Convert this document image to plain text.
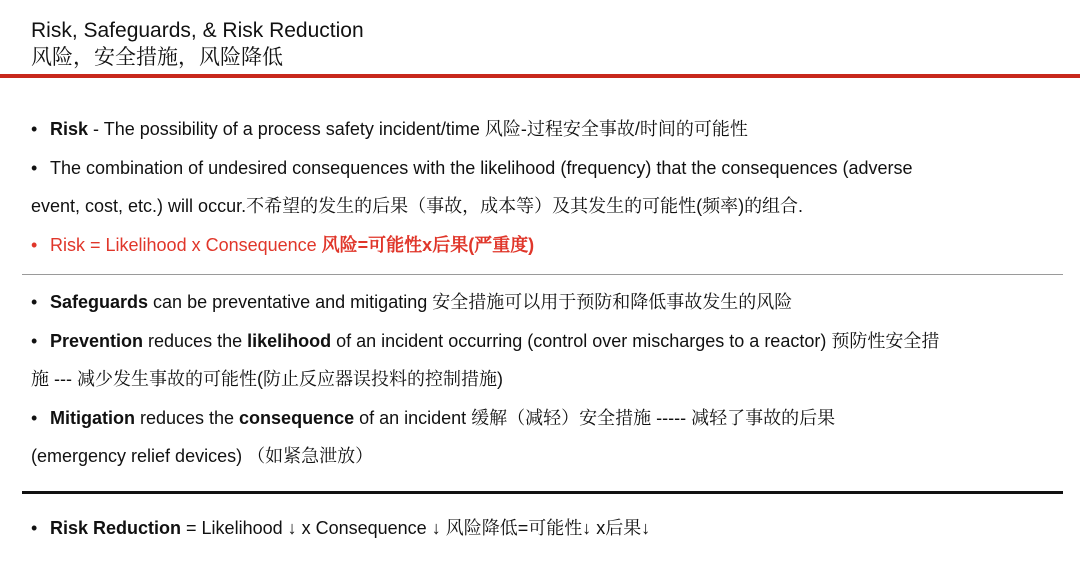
Risk, Safeguards, & Risk Reduction
风险，安全措施，风险降低
• Risk - The possibility of a process safety incident/time 风险-过程安全事故/时间的可能性
• The combination of undesired consequences with the likelihood (frequency) that the consequences (adverse
event, cost, etc.) will occur.不希望的发生的后果（事故，成本等）及其发生的可能性(频率)的组合.
• Risk = Likelihood x Consequence 风险=可能性x后果(严重度)
• Safeguards can be preventative and mitigating 安全措施可以用于预防和降低事故发生的风险
• Prevention reduces the likelihood of an incident occurring (control over mischarges to a reactor) 预防性安全措
施 --- 减少发生事故的可能性(防止反应器误投料的控制措施)
• Mitigation reduces the consequence of an incident 缓解（减轻）安全措施 ----- 减轻了事故的后果
(emergency relief devices) （如紧急泄放）
• Risk Reduction = Likelihood ↓ x Consequence ↓ 风险降低=可能性↓ x后果↓
